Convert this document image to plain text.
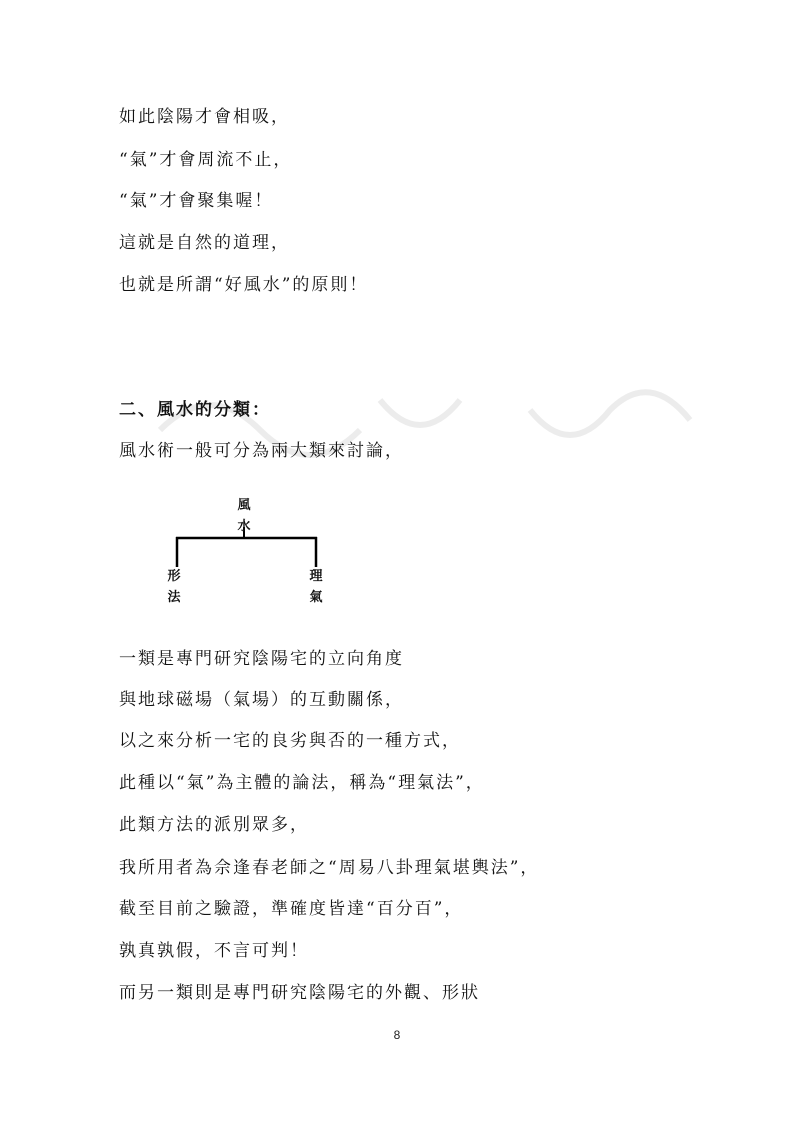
如此陰陽才會相吸，
“氣”才會周流不止，
“氣”才會聚集喔！
這就是自然的道理，
也就是所謂“好風水”的原則！
二、風水的分類：
風水術一般可分為兩大類來討論，
風
水
形
法
理
氣
一類是專門研究陰陽宅的立向角度
與地球磁場（氣場）的互動關係，
以之來分析一宅的良劣與否的一種方式，
此種以“氣”為主體的論法，稱為“理氣法”，
此類方法的派別眾多，
我所用者為佘逢春老師之“周易八卦理氣堪輿法”，
截至目前之驗證，準確度皆達“百分百”，
孰真孰假，不言可判！
而另一類則是專門研究陰陽宅的外觀、形狀
8
